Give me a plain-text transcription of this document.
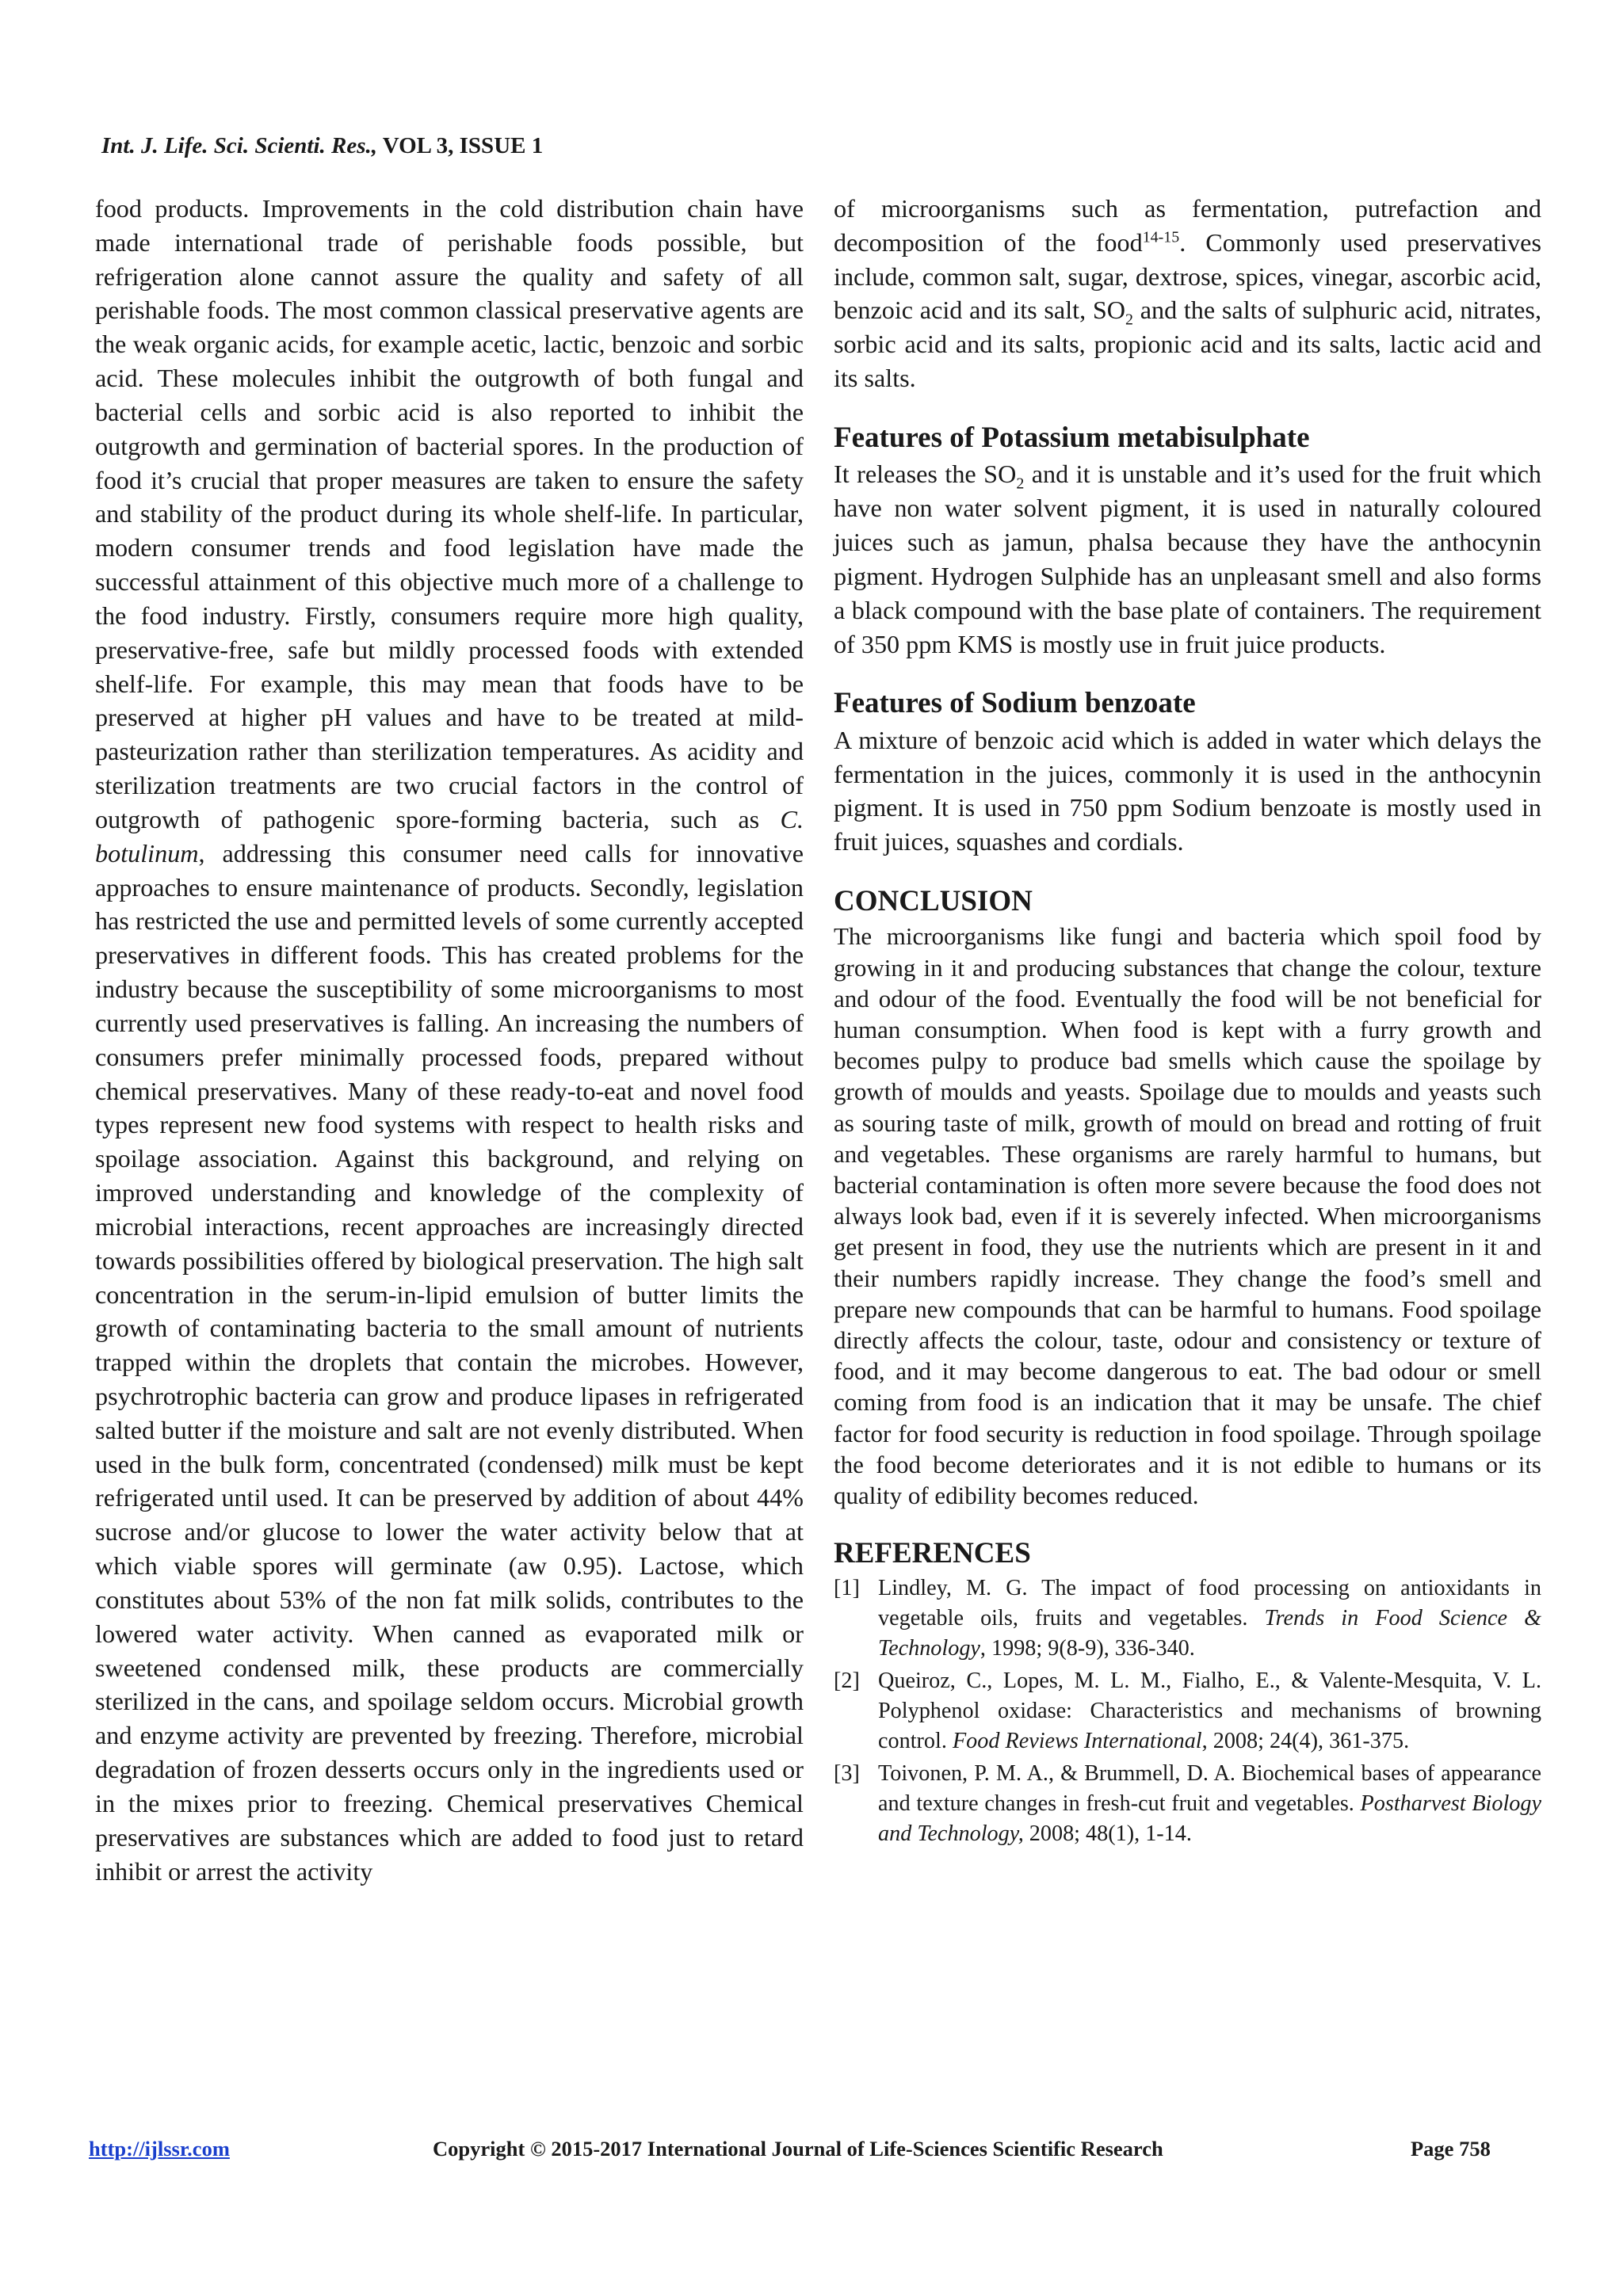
Int. J. Life. Sci. Scienti. Res., VOL 3, ISSUE 1

food products. Improvements in the cold distribution chain have made international trade of perishable foods possible, but refrigeration alone cannot assure the quality and safety of all perishable foods. The most common classical preservative agents are the weak organic acids, for example acetic, lactic, benzoic and sorbic acid. These molecules inhibit the outgrowth of both fungal and bacterial cells and sorbic acid is also reported to inhibit the outgrowth and germination of bacterial spores. In the production of food it’s crucial that proper measures are taken to ensure the safety and stability of the product during its whole shelf-life. In particular, modern consumer trends and food legislation have made the successful attainment of this objective much more of a challenge to the food industry. Firstly, consumers require more high quality, preservative-free, safe but mildly processed foods with extended shelf-life. For example, this may mean that foods have to be preserved at higher pH values and have to be treated at mild-pasteurization rather than sterilization temperatures. As acidity and sterilization treatments are two crucial factors in the control of outgrowth of pathogenic spore-forming bacteria, such as C. botulinum, addressing this consumer need calls for innovative approaches to ensure maintenance of products. Secondly, legislation has restricted the use and permitted levels of some currently accepted preservatives in different foods. This has created problems for the industry because the susceptibility of some microorganisms to most currently used preservatives is falling. An increasing the numbers of consumers prefer minimally processed foods, prepared without chemical preservatives. Many of these ready-to-eat and novel food types represent new food systems with respect to health risks and spoilage association. Against this background, and relying on improved understanding and knowledge of the complexity of microbial interactions, recent approaches are increasingly directed towards possibilities offered by biological preservation. The high salt concentration in the serum-in-lipid emulsion of butter limits the growth of contaminating bacteria to the small amount of nutrients trapped within the droplets that contain the microbes. However, psychrotrophic bacteria can grow and produce lipases in refrigerated salted butter if the moisture and salt are not evenly distributed. When used in the bulk form, concentrated (condensed) milk must be kept refrigerated until used. It can be preserved by addition of about 44% sucrose and/or glucose to lower the water activity below that at which viable spores will germinate (aw 0.95). Lactose, which constitutes about 53% of the non fat milk solids, contributes to the lowered water activity. When canned as evaporated milk or sweetened condensed milk, these products are commercially sterilized in the cans, and spoilage seldom occurs. Microbial growth and enzyme activity are prevented by freezing. Therefore, microbial degradation of frozen desserts occurs only in the ingredients used or in the mixes prior to freezing. Chemical preservatives Chemical preservatives are substances which are added to food just to retard inhibit or arrest the activity

of microorganisms such as fermentation, putrefaction and decomposition of the food$^{14-15}$. Commonly used preservatives include, common salt, sugar, dextrose, spices, vinegar, ascorbic acid, benzoic acid and its salt, $SO_2$ and the salts of sulphuric acid, nitrates, sorbic acid and its salts, propionic acid and its salts, lactic acid and its salts.

Features of Potassium metabisulphate

It releases the $SO_2$ and it is unstable and it’s used for the fruit which have non water solvent pigment, it is used in naturally coloured juices such as jamun, phalsa because they have the anthocynin pigment. Hydrogen Sulphide has an unpleasant smell and also forms a black compound with the base plate of containers. The requirement of 350 ppm KMS is mostly use in fruit juice products.

Features of Sodium benzoate

A mixture of benzoic acid which is added in water which delays the fermentation in the juices, commonly it is used in the anthocynin pigment. It is used in 750 ppm Sodium benzoate is mostly used in fruit juices, squashes and cordials.

CONCLUSION

The microorganisms like fungi and bacteria which spoil food by growing in it and producing substances that change the colour, texture and odour of the food. Eventually the food will be not beneficial for human consumption. When food is kept with a furry growth and becomes pulpy to produce bad smells which cause the spoilage by growth of moulds and yeasts. Spoilage due to moulds and yeasts such as souring taste of milk, growth of mould on bread and rotting of fruit and vegetables. These organisms are rarely harmful to humans, but bacterial contamination is often more severe because the food does not always look bad, even if it is severely infected. When microorganisms get present in food, they use the nutrients which are present in it and their numbers rapidly increase. They change the food’s smell and prepare new compounds that can be harmful to humans. Food spoilage directly affects the colour, taste, odour and consistency or texture of food, and it may become dangerous to eat. The bad odour or smell coming from food is an indication that it may be unsafe. The chief factor for food security is reduction in food spoilage. Through spoilage the food become deteriorates and it is not edible to humans or its quality of edibility becomes reduced.

REFERENCES
[1] Lindley, M. G. The impact of food processing on antioxidants in vegetable oils, fruits and vegetables. Trends in Food Science & Technology, 1998; 9(8-9), 336-340.
[2] Queiroz, C., Lopes, M. L. M., Fialho, E., & Valente-Mesquita, V. L. Polyphenol oxidase: Characteristics and mechanisms of browning control. Food Reviews International, 2008; 24(4), 361-375.
[3] Toivonen, P. M. A., & Brummell, D. A. Biochemical bases of appearance and texture changes in fresh-cut fruit and vegetables. Postharvest Biology and Technology, 2008; 48(1), 1-14.
http://ijlssr.com	Copyright © 2015-2017 International Journal of Life-Sciences Scientific Research	Page 758
